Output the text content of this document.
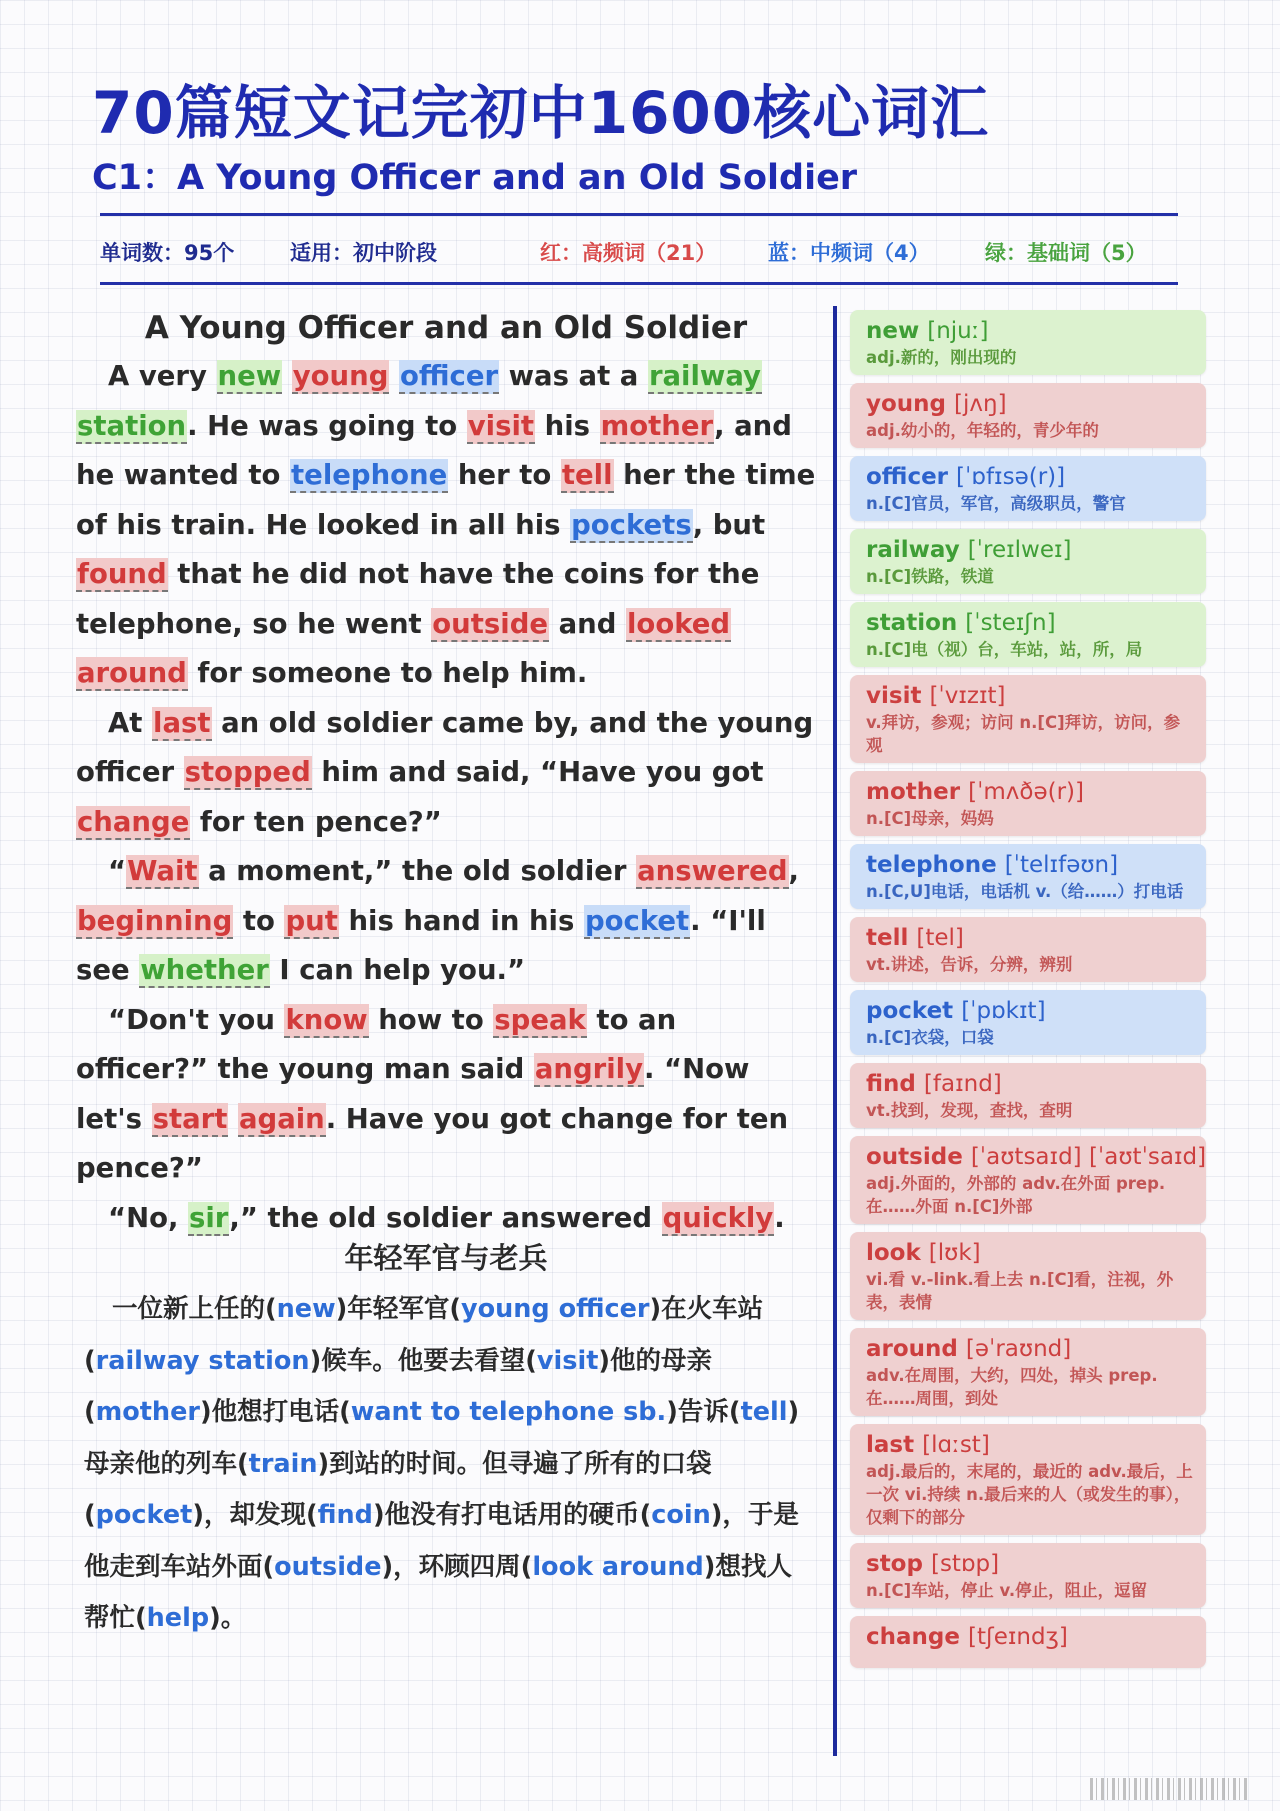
70篇短文记完初中1600核心词汇
C1：A Young Officer and an Old Soldier
单词数：95个	适用：初中阶段	红：高频词（21） 蓝：中频词（4）	绿：基础词（5）
A Young Officer and an Old Soldier

A very new young officer was at a railway station. He was going to visit his mother, and he wanted to telephone her to tell her the time of his train. He looked in all his pockets, but found that he did not have the coins for the telephone, so he went outside and looked around for someone to help him.

At last an old soldier came by, and the young officer stopped him and said, “Have you got change for ten pence?”

“Wait a moment,” the old soldier answered, beginning to put his hand in his pocket. “I'll see whether I can help you.”

“Don't you know how to speak to an officer?” the young man said angrily. “Now let's start again. Have you got change for ten pence?”

“No, sir,” the old soldier answered quickly.

年轻军官与老兵
一位新上任的(new)年轻军官(young officer)在火车站(railway station)候车。他要去看望(visit)他的母亲(mother)他想打电话(want to telephone sb.)告诉(tell)母亲他的列车(train)到站的时间。但寻遍了所有的口袋(pocket)，却发现(find)他没有打电话用的硬币(coin)，于是他走到车站外面(outside)，环顾四周(look around)想找人帮忙(help)。
new [njuː]
adj.新的，刚出现的
young [jʌŋ]
adj.幼小的，年轻的，青少年的
officer [ˈɒfɪsə(r)]
n.[C]官员，军官，高级职员，警官
railway [ˈreɪlweɪ]
n.[C]铁路，铁道
station [ˈsteɪʃn]
n.[C]电（视）台，车站，站，所，局
visit [ˈvɪzɪt]
v.拜访，参观；访问 n.[C]拜访，访问，参观
mother [ˈmʌðə(r)]
n.[C]母亲，妈妈
telephone [ˈtelɪfəʊn]
n.[C,U]电话，电话机 v.（给……）打电话
tell [tel]
vt.讲述，告诉，分辨，辨别
pocket [ˈpɒkɪt]
n.[C]衣袋，口袋
find [faɪnd]
vt.找到，发现，查找，查明
outside [ˈaʊtsaɪd] [ˈaʊtˈsaɪd]
adj.外面的，外部的 adv.在外面 prep.在……外面 n.[C]外部
look [lʊk]
vi.看 v.-link.看上去 n.[C]看，注视，外表，表情
around [əˈraʊnd]
adv.在周围，大约，四处，掉头 prep.在……周围，到处
last [lɑːst]
adj.最后的，末尾的，最近的 adv.最后，上一次 vi.持续 n.最后来的人（或发生的事），仅剩下的部分
stop [stɒp]
n.[C]车站，停止 v.停止，阻止，逗留
change [tʃeɪndʒ]
